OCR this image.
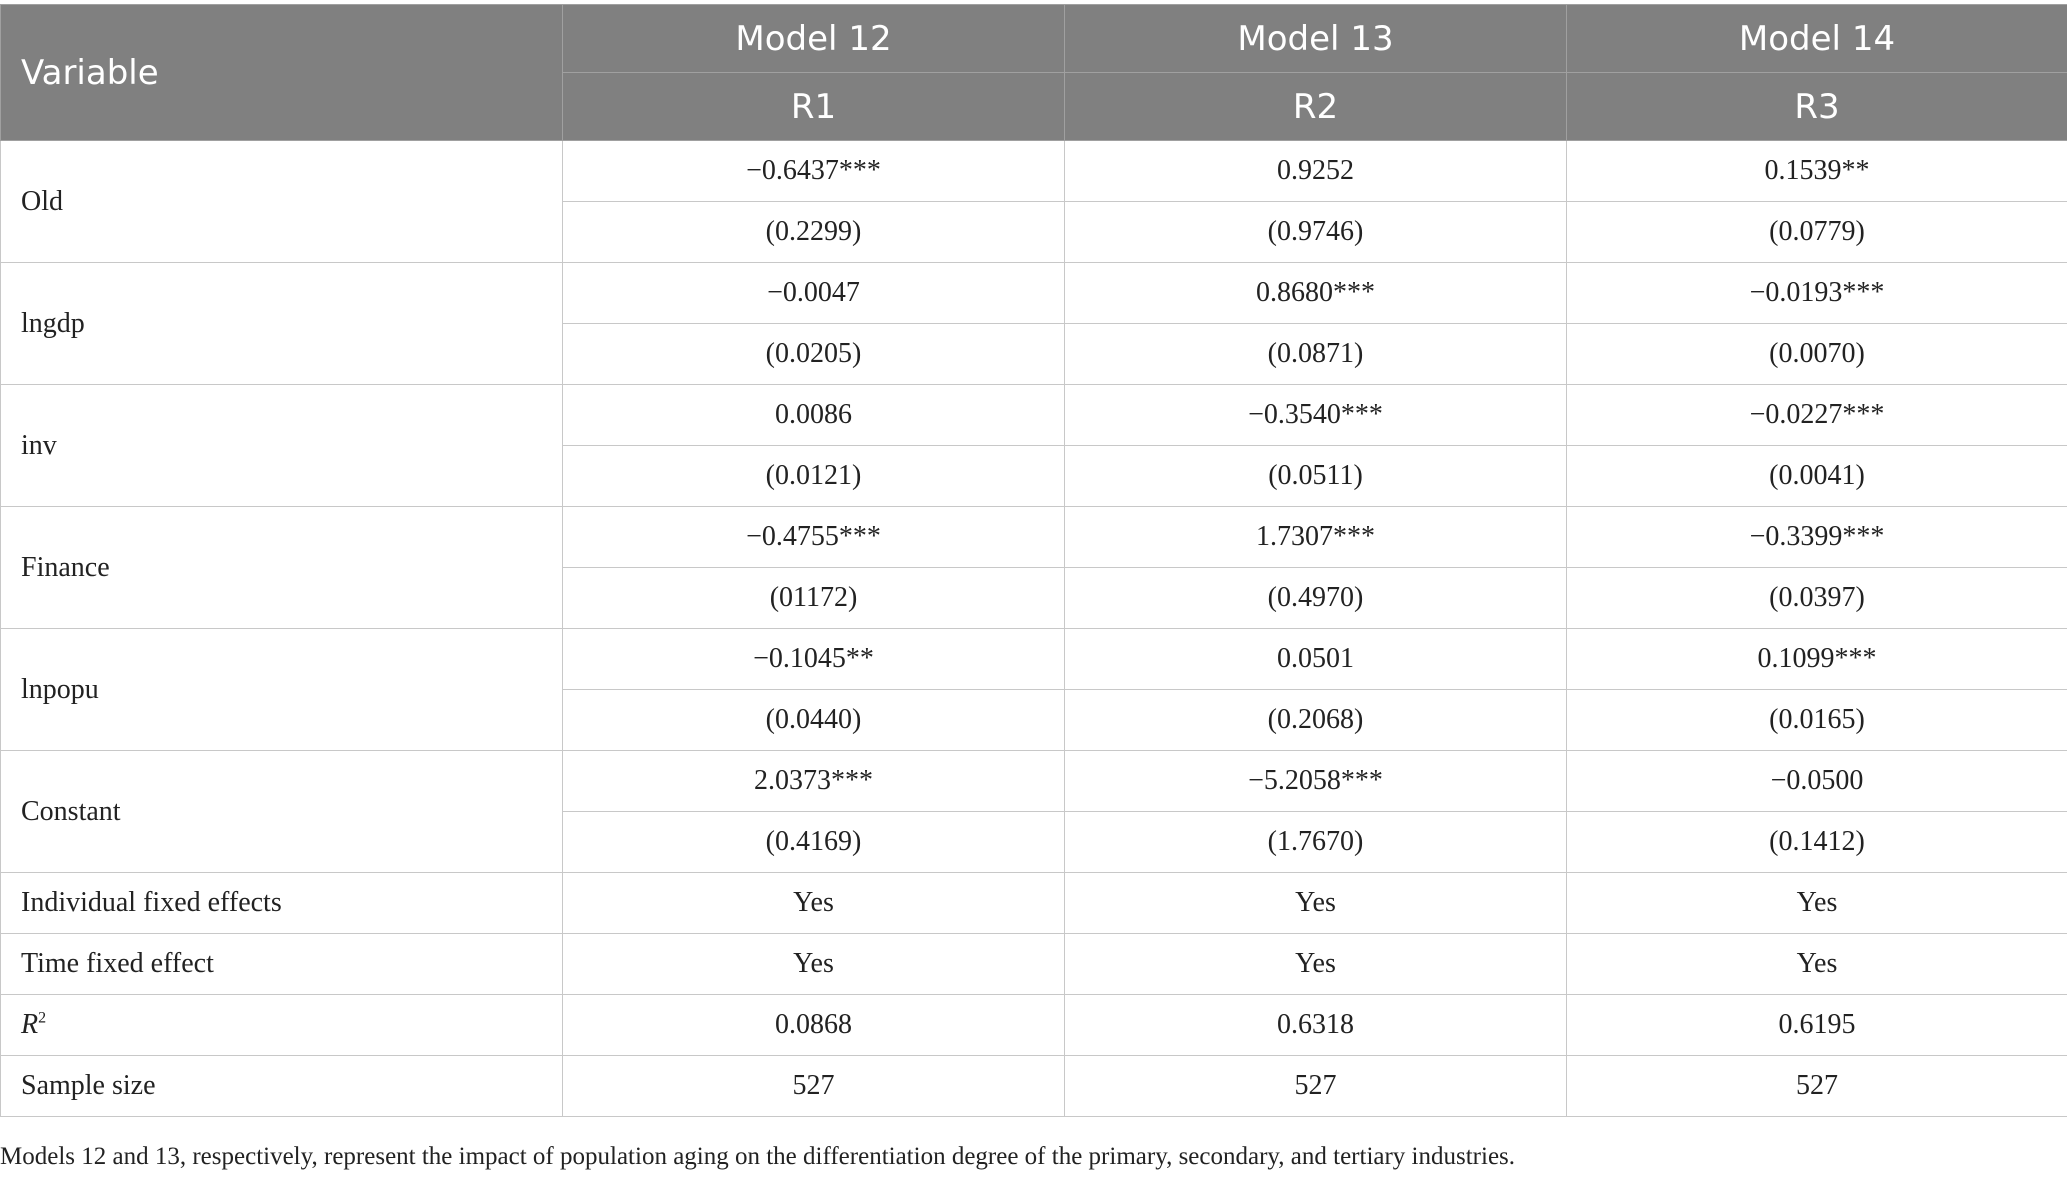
Variable	Model 12	Model 13	Model 14
	R1	R2	R3
Old	−0.6437***	0.9252	0.1539**
	(0.2299)	(0.9746)	(0.0779)
lngdp	−0.0047	0.8680***	−0.0193***
	(0.0205)	(0.0871)	(0.0070)
inv	0.0086	−0.3540***	−0.0227***
	(0.0121)	(0.0511)	(0.0041)
Finance	−0.4755***	1.7307***	−0.3399***
	(01172)	(0.4970)	(0.0397)
lnpopu	−0.1045**	0.0501	0.1099***
	(0.0440)	(0.2068)	(0.0165)
Constant	2.0373***	−5.2058***	−0.0500
	(0.4169)	(1.7670)	(0.1412)
Individual fixed effects	Yes	Yes	Yes
Time fixed effect	Yes	Yes	Yes
$R^2$	0.0868	0.6318	0.6195
Sample size	527	527	527
Models 12 and 13, respectively, represent the impact of population aging on the differentiation degree of the primary, secondary, and tertiary industries.
